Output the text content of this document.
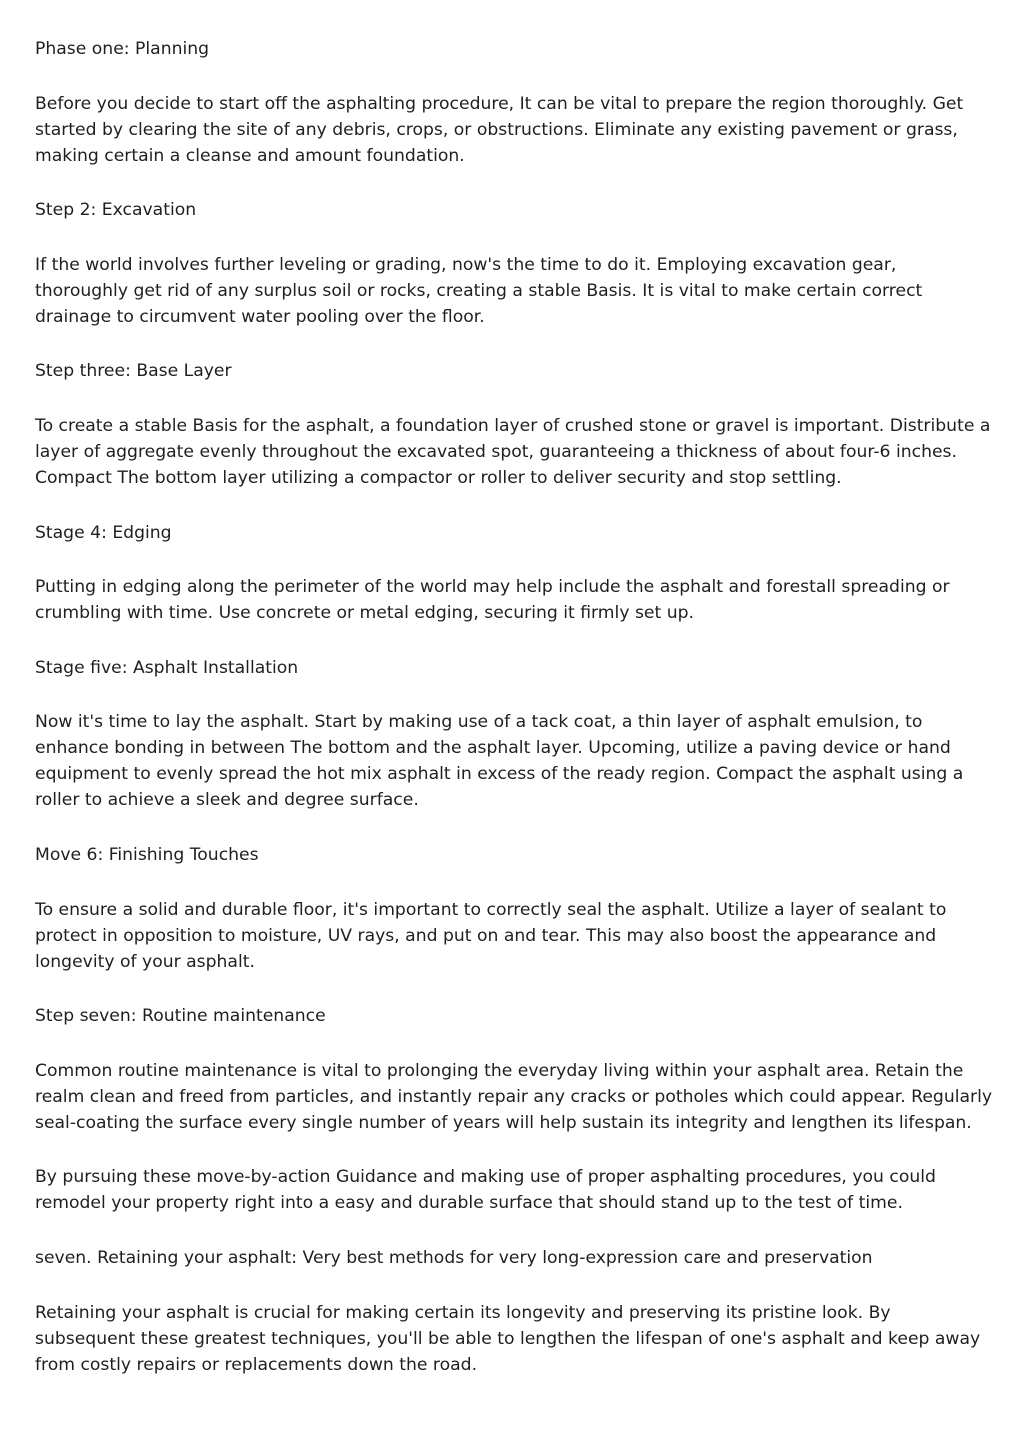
Phase one: Planning

Before you decide to start off the asphalting procedure, It can be vital to prepare the region thoroughly. Get started by clearing the site of any debris, crops, or obstructions. Eliminate any existing pavement or grass, making certain a cleanse and amount foundation.

Step 2: Excavation

If the world involves further leveling or grading, now's the time to do it. Employing excavation gear, thoroughly get rid of any surplus soil or rocks, creating a stable Basis. It is vital to make certain correct drainage to circumvent water pooling over the floor.

Step three: Base Layer

To create a stable Basis for the asphalt, a foundation layer of crushed stone or gravel is important. Distribute a layer of aggregate evenly throughout the excavated spot, guaranteeing a thickness of about four-6 inches. Compact The bottom layer utilizing a compactor or roller to deliver security and stop settling.

Stage 4: Edging

Putting in edging along the perimeter of the world may help include the asphalt and forestall spreading or crumbling with time. Use concrete or metal edging, securing it firmly set up.

Stage five: Asphalt Installation

Now it's time to lay the asphalt. Start by making use of a tack coat, a thin layer of asphalt emulsion, to enhance bonding in between The bottom and the asphalt layer. Upcoming, utilize a paving device or hand equipment to evenly spread the hot mix asphalt in excess of the ready region. Compact the asphalt using a roller to achieve a sleek and degree surface.

Move 6: Finishing Touches

To ensure a solid and durable floor, it's important to correctly seal the asphalt. Utilize a layer of sealant to protect in opposition to moisture, UV rays, and put on and tear. This may also boost the appearance and longevity of your asphalt.

Step seven: Routine maintenance

Common routine maintenance is vital to prolonging the everyday living within your asphalt area. Retain the realm clean and freed from particles, and instantly repair any cracks or potholes which could appear. Regularly seal-coating the surface every single number of years will help sustain its integrity and lengthen its lifespan.

By pursuing these move-by-action Guidance and making use of proper asphalting procedures, you could remodel your property right into a easy and durable surface that should stand up to the test of time.

seven. Retaining your asphalt: Very best methods for very long-expression care and preservation

Retaining your asphalt is crucial for making certain its longevity and preserving its pristine look. By subsequent these greatest techniques, you'll be able to lengthen the lifespan of one's asphalt and keep away from costly repairs or replacements down the road.
